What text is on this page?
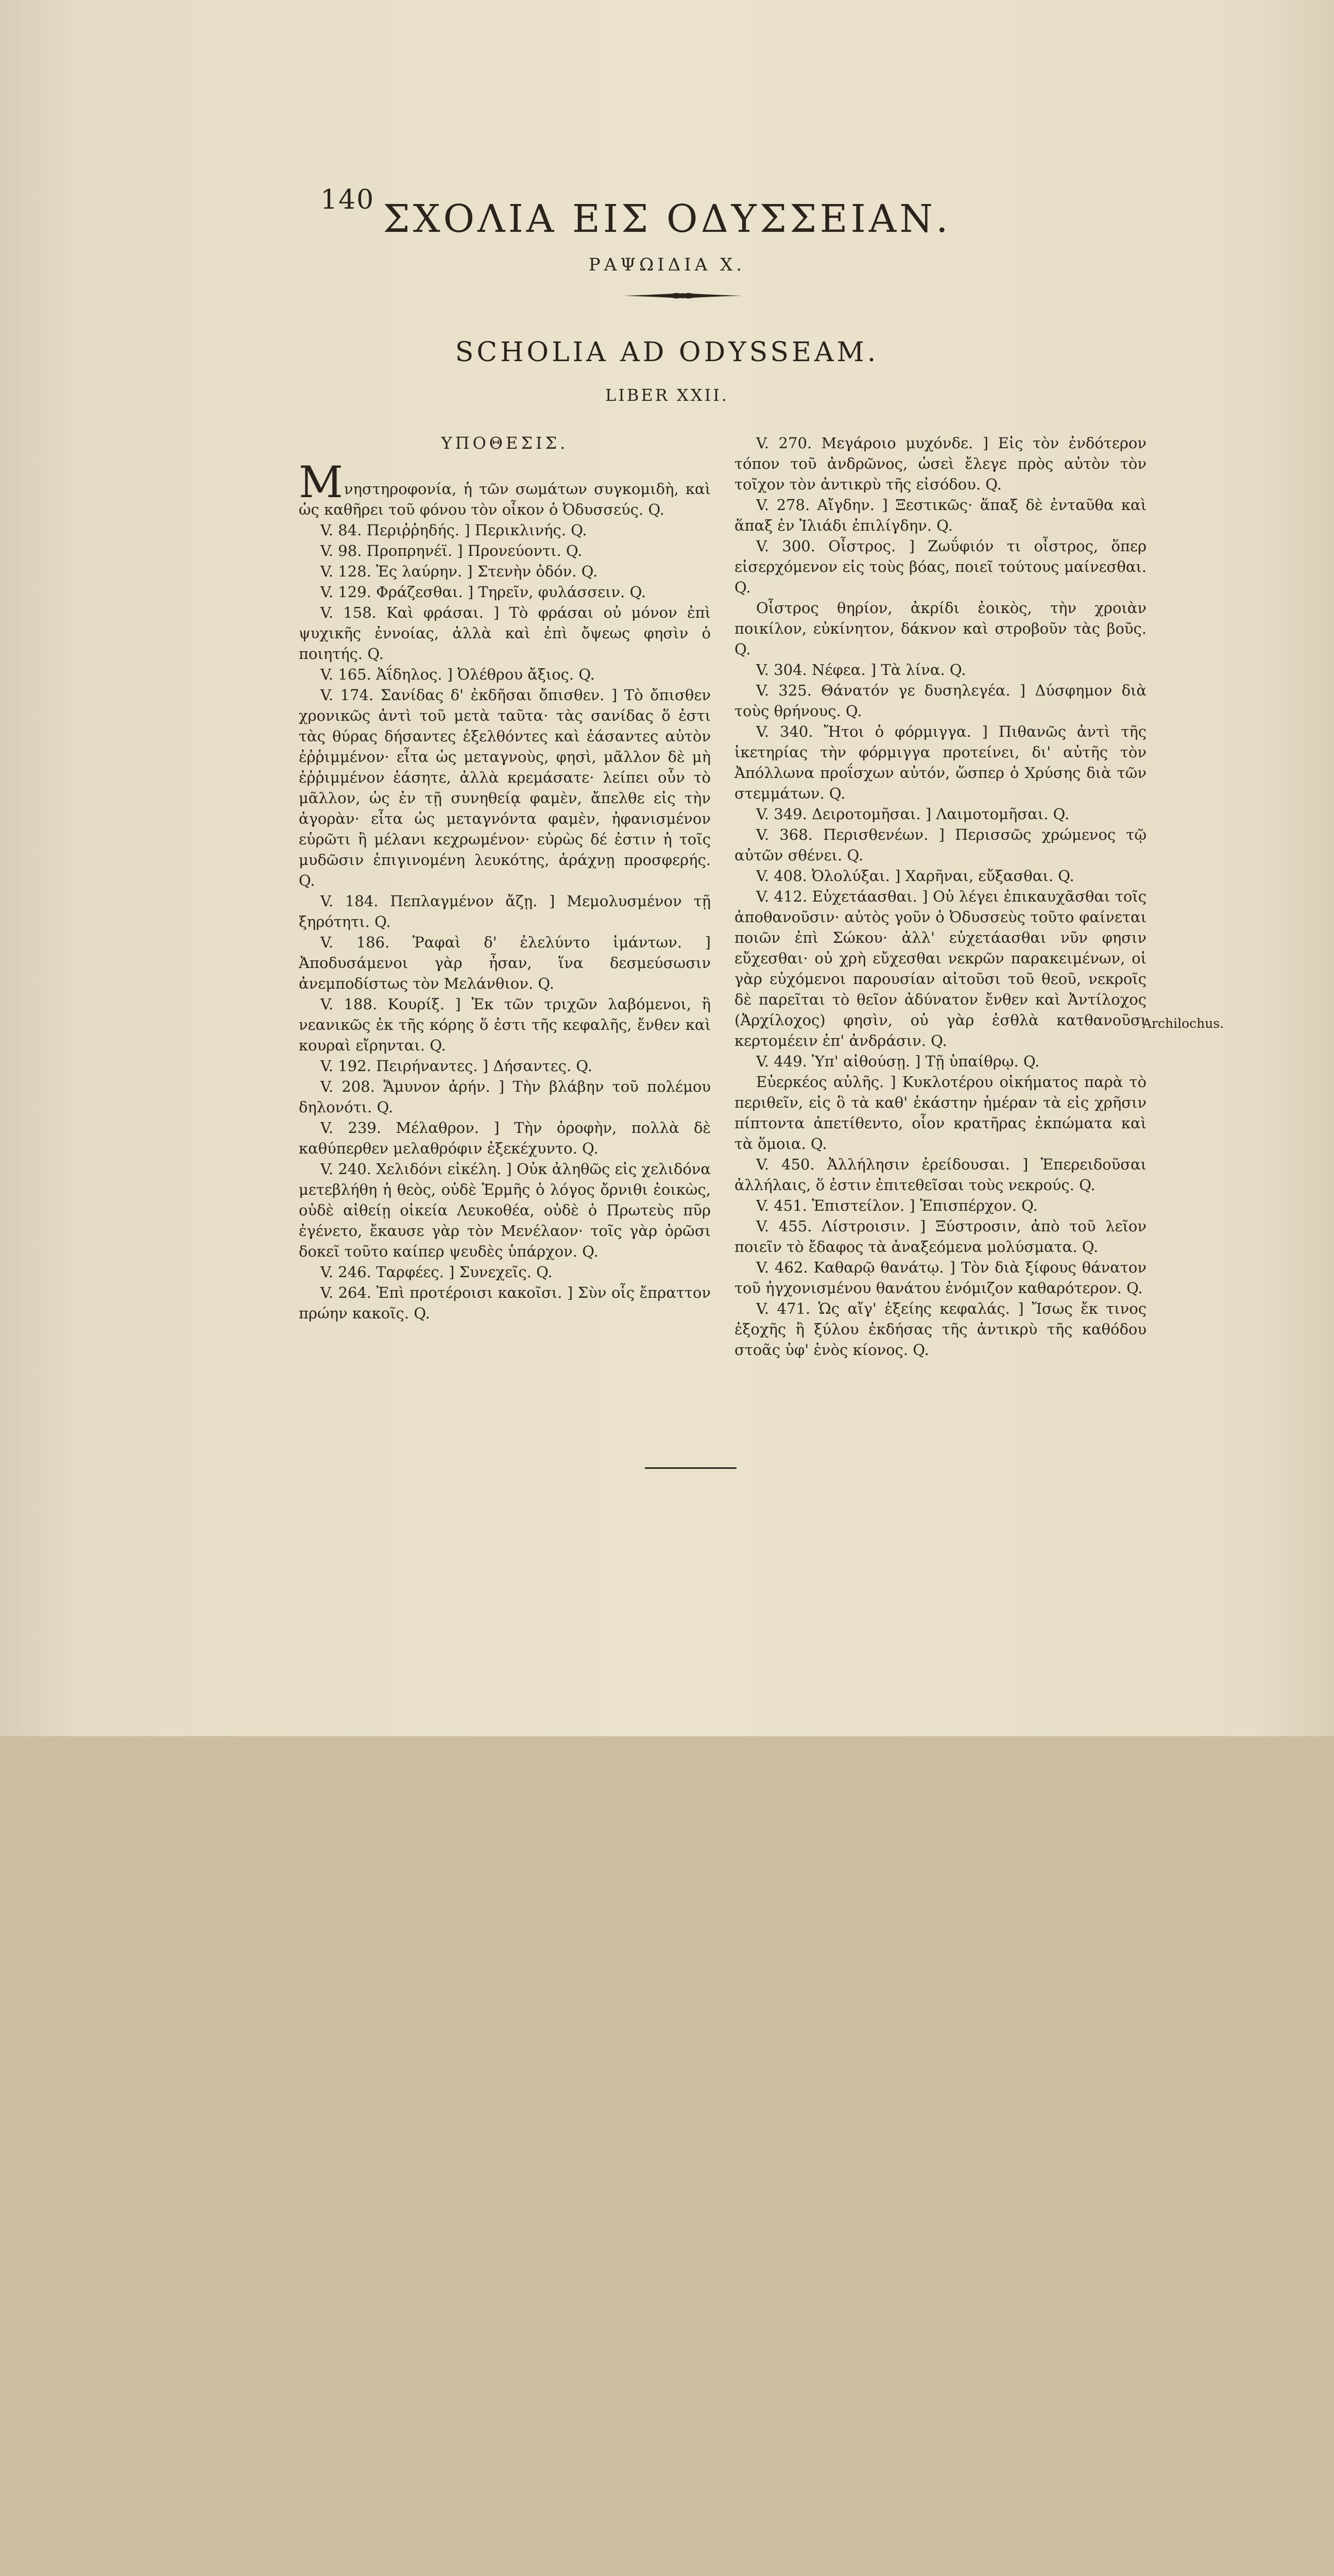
140 ΣΧΟΛΙΑ ΕΙΣ ΟΔΥΣΣΕΙΑΝ.
ΡΑΨΩΙΔΙΑ Χ.
SCHOLIA AD ODYSSEAM.
LIBER XXII.

ΥΠΟΘΕΣΙΣ.

Μνηστηροφονία, ἡ τῶν σωμάτων συγκομιδὴ, καὶ ὡς καθῆρει τοῦ φόνου τὸν οἶκον ὁ Ὀδυσσεύς. Q.

V. 84. Περιῤῥηδής. ] Περικλινής. Q.

V. 98. Προπρηνέϊ. ] Προνεύοντι. Q.

V. 128. Ἐς λαύρην. ] Στενὴν ὁδόν. Q.

V. 129. Φράζεσθαι. ] Τηρεῖν, φυλάσσειν. Q.

V. 158. Καὶ φράσαι. ] Τὸ φράσαι οὐ μόνον ἐπὶ ψυχικῆς ἐννοίας, ἀλλὰ καὶ ἐπὶ ὄψεως φησὶν ὁ ποιητής. Q.

V. 165. Ἀΐδηλος. ] Ὀλέθρου ἄξιος. Q.

V. 174. Σανίδας δ' ἐκδῆσαι ὄπισθεν. ] Τὸ ὄπισθεν χρονικῶς ἀντὶ τοῦ μετὰ ταῦτα· τὰς σανίδας ὅ ἐστι τὰς θύρας δήσαντες ἐξελθόντες καὶ ἐάσαντες αὐτὸν ἐῤῥιμμένον· εἶτα ὡς μεταγνοὺς, φησὶ, μᾶλλον δὲ μὴ ἐῤῥιμμένον ἐάσητε, ἀλλὰ κρεμάσατε· λείπει οὖν τὸ μᾶλλον, ὡς ἐν τῇ συνηθείᾳ φαμὲν, ἄπελθε εἰς τὴν ἀγορὰν· εἶτα ὡς μεταγνόντα φαμὲν, ἠφανισμένον εὑρῶτι ἢ μέλανι κεχρωμένον· εὐρὼς δέ ἐστιν ἡ τοῖς μυδῶσιν ἐπιγινομένη λευκότης, ἀράχνῃ προσφερής. Q.

V. 184. Πεπλαγμένον ἄζῃ. ] Μεμολυσμένον τῇ ξηρότητι. Q.

V. 186. Ῥαφαὶ δ' ἐλελύντο ἱμάντων. ] Ἀποδυσάμενοι γὰρ ἦσαν, ἵνα δεσμεύσωσιν ἀνεμποδίστως τὸν Μελάνθιον. Q.

V. 188. Κουρίξ. ] Ἐκ τῶν τριχῶν λαβόμενοι, ἢ νεανικῶς ἐκ τῆς κόρης ὅ ἐστι τῆς κεφαλῆς, ἔνθεν καὶ κουραὶ εἴρηνται. Q.

V. 192. Πειρήναντες. ] Δήσαντες. Q.

V. 208. Ἄμυνον ἀρήν. ] Τὴν βλάβην τοῦ πολέμου δηλονότι. Q.

V. 239. Μέλαθρον. ] Τὴν ὀροφὴν, πολλὰ δὲ καθύπερθεν μελαθρόφιν ἐξεκέχυντο. Q.

V. 240. Χελιδόνι εἰκέλη. ] Οὐκ ἀληθῶς εἰς χελιδόνα μετεβλήθη ἡ θεὸς, οὐδὲ Ἑρμῆς ὁ λόγος ὄρνιθι ἐοικὼς, οὐδὲ αἰθείῃ οἰκεία Λευκοθέα, οὐδὲ ὁ Πρωτεὺς πῦρ ἐγένετο, ἔκαυσε γὰρ τὸν Μενέλαον· τοῖς γὰρ ὁρῶσι δοκεῖ τοῦτο καίπερ ψευδὲς ὑπάρχον. Q.

V. 246. Ταρφέες. ] Συνεχεῖς. Q.

V. 264. Ἐπὶ προτέροισι κακοῖσι. ] Σὺν οἷς ἔπραττον πρώην κακοῖς. Q.

V. 270. Μεγάροιο μυχόνδε. ] Εἰς τὸν ἐνδότερον τόπον τοῦ ἀνδρῶνος, ὡσεὶ ἔλεγε πρὸς αὐτὸν τὸν τοῖχον τὸν ἀντικρὺ τῆς εἰσόδου. Q.

V. 278. Αἴγδην. ] Ξεστικῶς· ἅπαξ δὲ ἐνταῦθα καὶ ἅπαξ ἐν Ἰλιάδι ἐπιλίγδην. Q.

V. 300. Οἶστρος. ] Ζωΰφιόν τι οἶστρος, ὅπερ εἰσερχόμενον εἰς τοὺς βόας, ποιεῖ τούτους μαίνεσθαι. Q.

Οἶστρος θηρίον, ἀκρίδι ἐοικὸς, τὴν χροιὰν ποικίλον, εὐκίνητον, δάκνον καὶ στροβοῦν τὰς βοῦς. Q.

V. 304. Νέφεα. ] Τὰ λίνα. Q.

V. 325. Θάνατόν γε δυσηλεγέα. ] Δύσφημον διὰ τοὺς θρήνους. Q.

V. 340. Ἤτοι ὁ φόρμιγγα. ] Πιθανῶς ἀντὶ τῆς ἱκετηρίας τὴν φόρμιγγα προτείνει, δι' αὐτῆς τὸν Ἀπόλλωνα προΐσχων αὐτόν, ὥσπερ ὁ Χρύσης διὰ τῶν στεμμάτων. Q.

V. 349. Δειροτομῆσαι. ] Λαιμοτομῆσαι. Q.

V. 368. Περισθενέων. ] Περισσῶς χρώμενος τῷ αὐτῶν σθένει. Q.

V. 408. Ὀλολύξαι. ] Χαρῆναι, εὔξασθαι. Q.

V. 412. Εὐχετάασθαι. ] Οὐ λέγει ἐπικαυχᾶσθαι τοῖς ἀποθανοῦσιν· αὐτὸς γοῦν ὁ Ὀδυσσεὺς τοῦτο φαίνεται ποιῶν ἐπὶ Σώκου· ἀλλ' εὐχετάασθαι νῦν φησιν εὔχεσθαι· οὐ χρὴ εὔχεσθαι νεκρῶν παρακειμένων, οἱ γὰρ εὐχόμενοι παρουσίαν αἰτοῦσι τοῦ θεοῦ, νεκροῖς δὲ παρεῖται τὸ θεῖον ἀδύνατον ἔνθεν καὶ Ἀντίλοχος (Ἀρχίλοχος) φησὶν, οὐ γὰρ ἐσθλὰ κατθανοῦσι κερτομέειν ἐπ' ἀνδράσιν. Q.

V. 449. Ὑπ' αἰθούσῃ. ] Τῇ ὑπαίθρῳ. Q.

Εὐερκέος αὐλῆς. ] Κυκλοτέρου οἰκήματος παρὰ τὸ περιθεῖν, εἰς ὃ τὰ καθ' ἑκάστην ἡμέραν τὰ εἰς χρῆσιν πίπτοντα ἀπετίθεντο, οἷον κρατῆρας ἐκπώματα καὶ τὰ ὅμοια. Q.

V. 450. Ἀλλήλησιν ἐρείδουσαι. ] Ἐπερειδοῦσαι ἀλλήλαις, ὅ ἐστιν ἐπιτεθεῖσαι τοὺς νεκρούς. Q.

V. 451. Ἐπιστείλον. ] Ἐπισπέρχον. Q.

V. 455. Λίστροισιν. ] Ξύστροσιν, ἀπὸ τοῦ λεῖον ποιεῖν τὸ ἔδαφος τὰ ἀναξεόμενα μολύσματα. Q.

V. 462. Καθαρῷ θανάτῳ. ] Τὸν διὰ ξίφους θάνατον τοῦ ἠγχονισμένου θανάτου ἐνόμιζον καθαρότερον. Q.

V. 471. Ὡς αἴγ' ἑξείης κεφαλάς. ] Ἴσως ἔκ τινος ἐξοχῆς ἢ ξύλου ἐκδήσας τῆς ἀντικρὺ τῆς καθόδου στοᾶς ὑφ' ἑνὸς κίονος. Q.

Archilochus.
